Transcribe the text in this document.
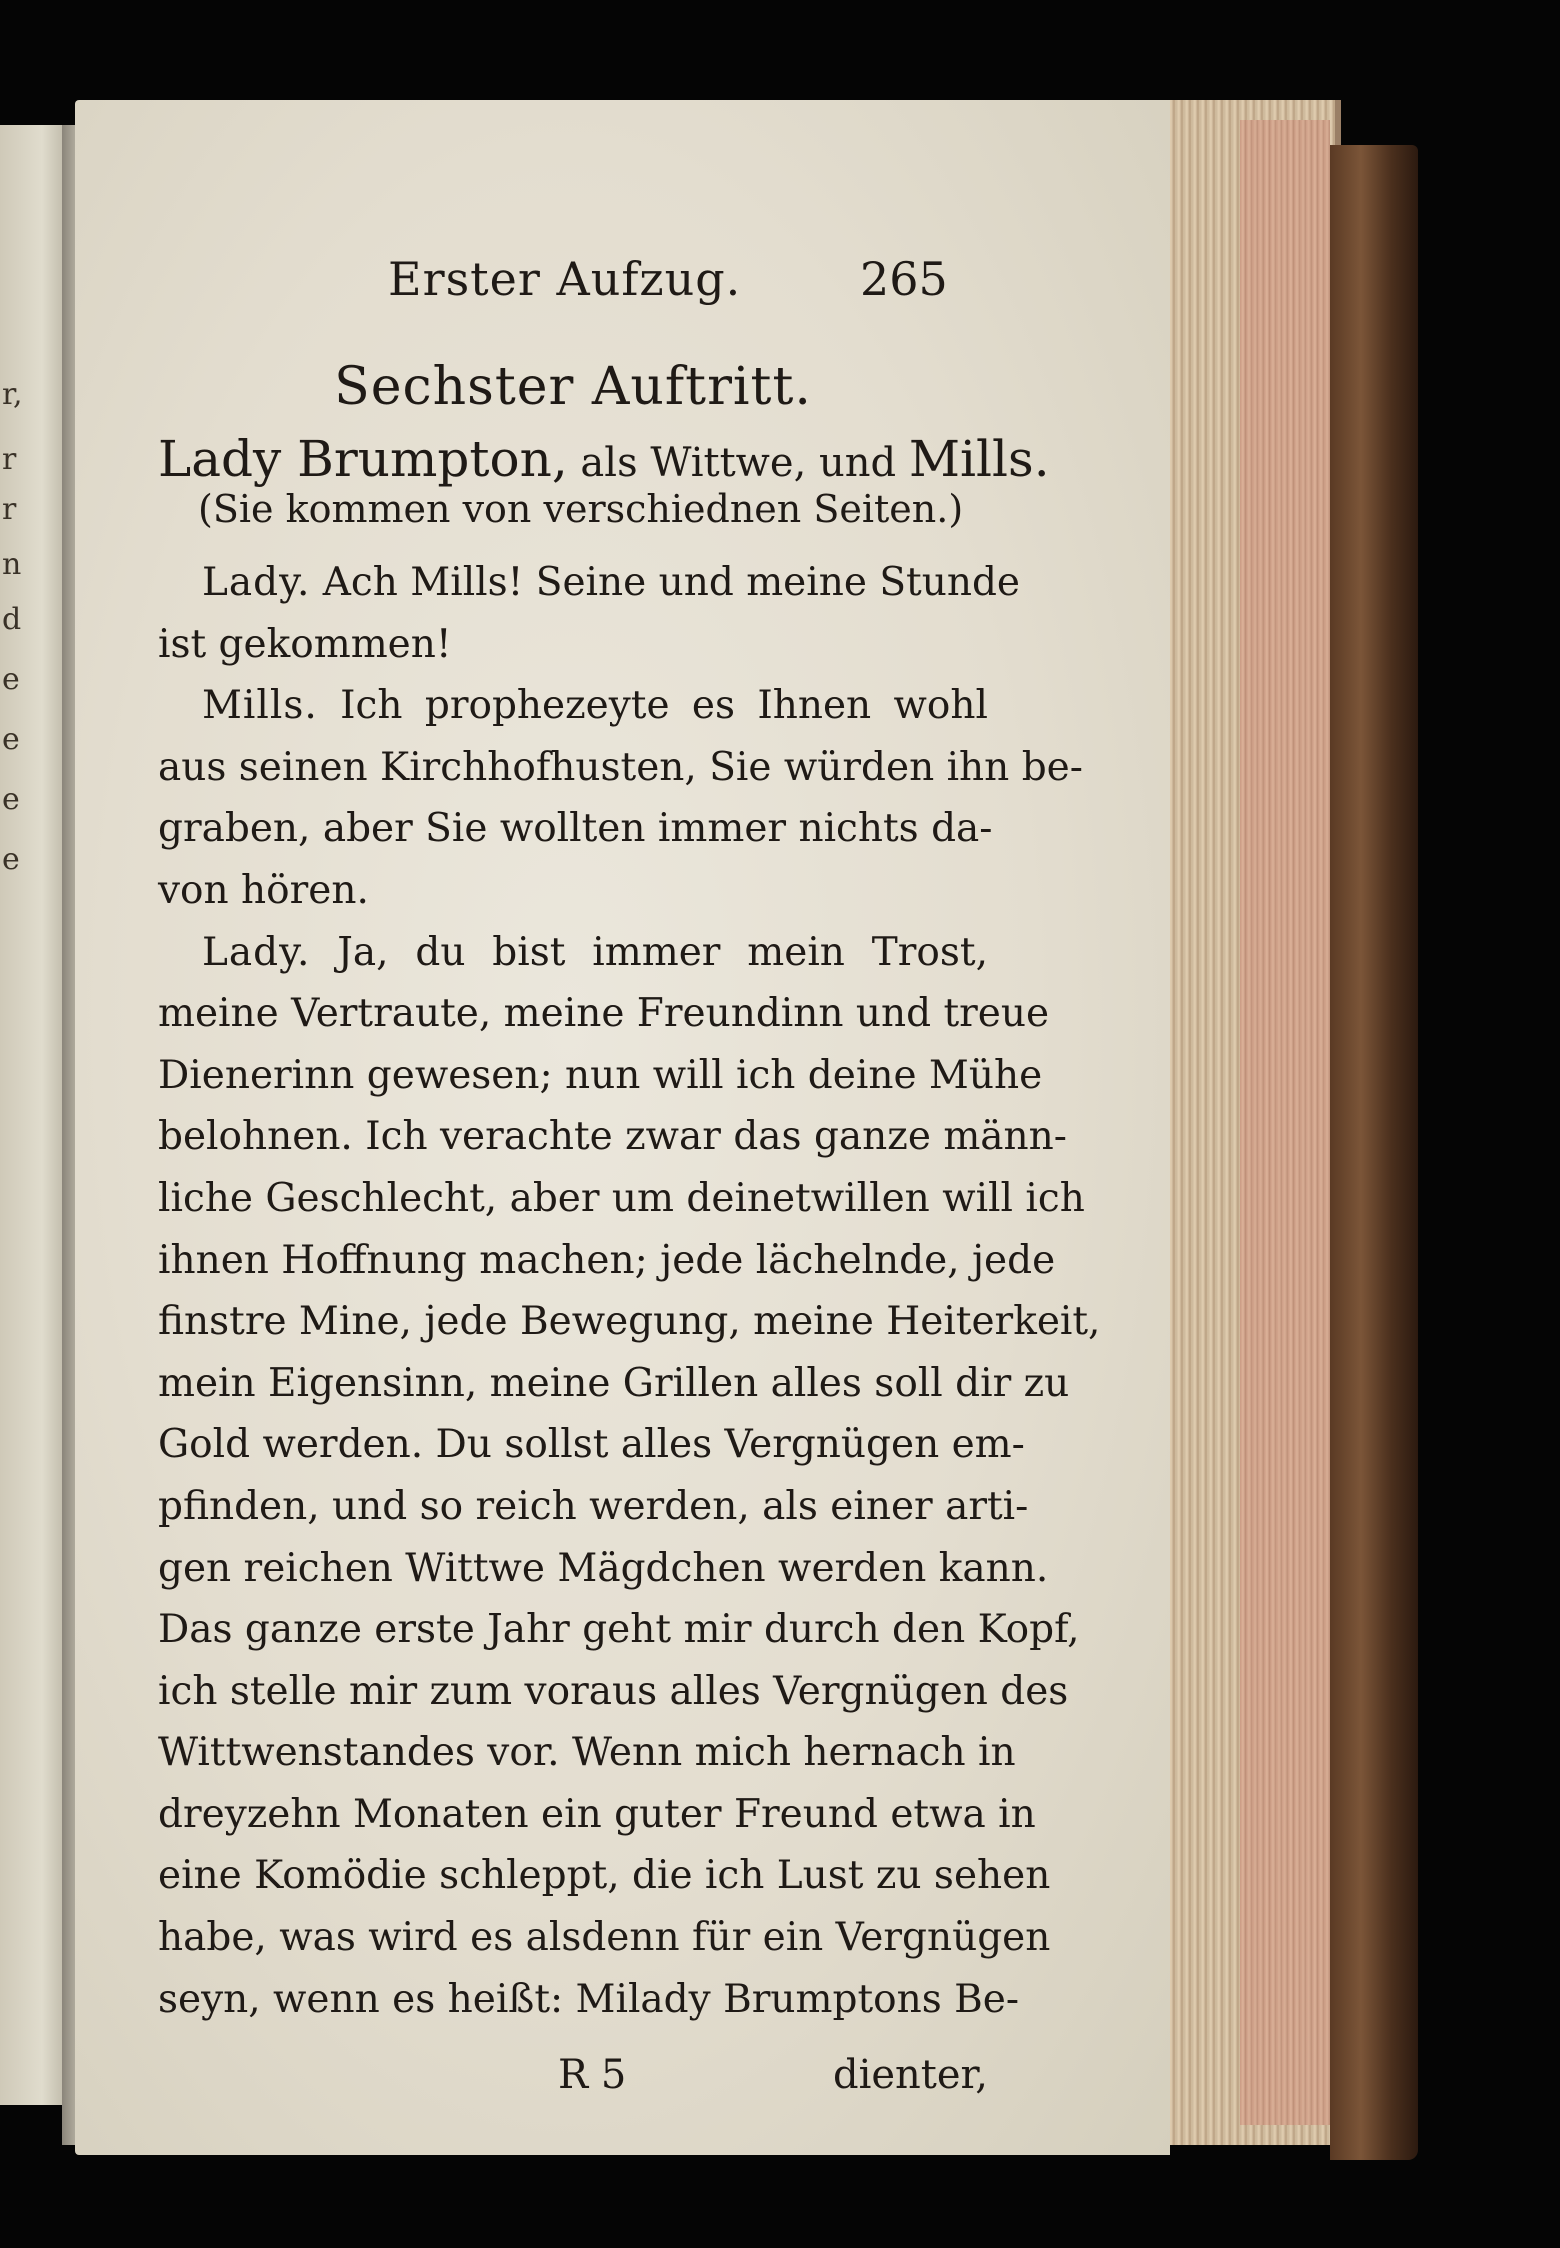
r,
r
r
n
d
e
e
e
e
Erster Aufzug.	265
Sechster Auftritt.
Lady Brumpton, als Wittwe, und Mills.
(Sie kommen von verschiednen Seiten.)
Lady. Ach Mills! Seine und meine Stunde
ist gekommen!
Mills. Ich prophezeyte es Ihnen wohl
aus seinen Kirchhofhusten, Sie würden ihn be-
graben, aber Sie wollten immer nichts da-
von hören.
Lady. Ja, du bist immer mein Trost,
meine Vertraute, meine Freundinn und treue
Dienerinn gewesen; nun will ich deine Mühe
belohnen. Ich verachte zwar das ganze männ-
liche Geschlecht, aber um deinetwillen will ich
ihnen Hoffnung machen; jede lächelnde, jede
finstre Mine, jede Bewegung, meine Heiterkeit,
mein Eigensinn, meine Grillen alles soll dir zu
Gold werden. Du sollst alles Vergnügen em-
pfinden, und so reich werden, als einer arti-
gen reichen Wittwe Mägdchen werden kann.
Das ganze erste Jahr geht mir durch den Kopf,
ich stelle mir zum voraus alles Vergnügen des
Wittwenstandes vor. Wenn mich hernach in
dreyzehn Monaten ein guter Freund etwa in
eine Komödie schleppt, die ich Lust zu sehen
habe, was wird es alsdenn für ein Vergnügen
seyn, wenn es heißt: Milady Brumptons Be-
R 5	dienter,
